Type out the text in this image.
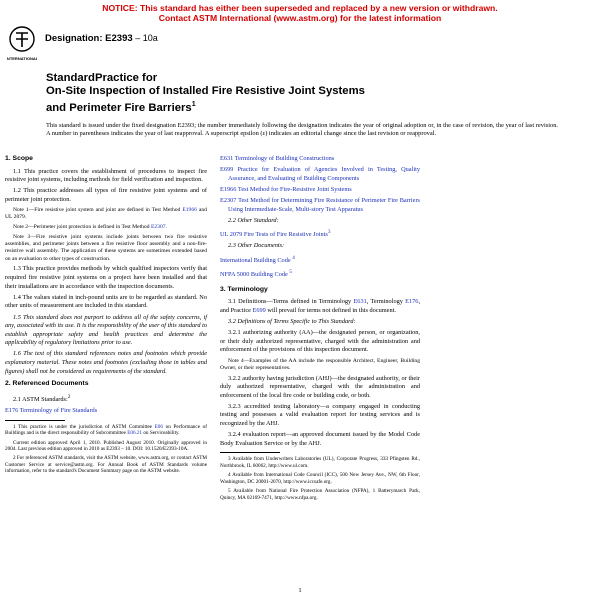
NOTICE: This standard has either been superseded and replaced by a new version or withdrawn.
Contact ASTM International (www.astm.org) for the latest information
INTERNATIONAL
Designation: E2393 – 10a
StandardPractice for
On-Site Inspection of Installed Fire Resistive Joint Systems
and Perimeter Fire Barriers$^1$
This standard is issued under the fixed designation E2393; the number immediately following the designation indicates the year of original adoption or, in the case of revision, the year of last revision. A number in parentheses indicates the year of last reapproval. A superscript epsilon (ε) indicates an editorial change since the last revision or reapproval.
1. Scope

1.1 This practice covers the establishment of procedures to inspect fire resistive joint systems, including methods for field verification and inspection.

1.2 This practice addresses all types of fire resistive joint systems and of perimeter joint protection.

Note 1—Fire resistive joint system and joint are defined in Test Method E1966 and UL 2079.

Note 2—Perimeter joint protection is defined in Test Method E2307.

Note 3—Fire resistive joint systems include joints between two fire resistive assemblies, and perimeter joints between a fire resistive floor assembly and a non-fire-resistive wall assembly. The application of these systems are sometimes extended based on an evaluation to other types of construction.

1.3 This practice provides methods by which qualified inspectors verify that required fire resistive joint systems on a project have been installed and that their installations are in accordance with the inspection documents.

1.4 The values stated in inch-pound units are to be regarded as standard. No other units of measurement are included in this standard.

1.5 This standard does not purport to address all of the safety concerns, if any, associated with its use. It is the responsibility of the user of this standard to establish appropriate safety and health practices and determine the applicability of regulatory limitations prior to use.

1.6 The text of this standard references notes and footnotes which provide explanatory material. These notes and footnotes (excluding those in tables and figures) shall not be considered as requirements of the standard.

2. Referenced Documents

2.1 ASTM Standards:$^2$

E176 Terminology of Fire Standards

1 This practice is under the jurisdiction of ASTM Committee E06 on Performance of Buildings and is the direct responsibility of Subcommittee E06.21 on Serviceability.

Current edition approved April 1, 2010. Published August 2010. Originally approved in 2004. Last previous edition approved in 2010 as E2393 – 10. DOI: 10.1520/E2393-10A.

2 For referenced ASTM standards, visit the ASTM website, www.astm.org, or contact ASTM Customer Service at service@astm.org. For Annual Book of ASTM Standards volume information, refer to the standard's Document Summary page on the ASTM website.

E631 Terminology of Building Constructions

E699 Practice for Evaluation of Agencies Involved in Testing, Quality Assurance, and Evaluating of Building Components

E1966 Test Method for Fire-Resistive Joint Systems

E2307 Test Method for Determining Fire Resistance of Perimeter Fire Barriers Using Intermediate-Scale, Multi-story Test Apparatus

2.2 Other Standard:

UL 2079 Fire Tests of Fire Resistive Joints$^3$

2.3 Other Documents:

International Building Code $^4$

NFPA 5000 Building Code $^5$

3. Terminology

3.1 Definitions—Terms defined in Terminology E631, Terminology E176, and Practice E699 will prevail for terms not defined in this document.

3.2 Definitions of Terms Specific to This Standard:

3.2.1 authorizing authority (AA)—the designated person, or organization, or their duly authorized representative, charged with the administration and enforcement of the provisions of this inspection document.

Note 4—Examples of the AA include the responsible Architect, Engineer, Building Owner, or their representatives.

3.2.2 authority having jurisdiction (AHJ)—the designated authority, or their duly authorized representative, charged with the administration and enforcement of the local fire code or building code, or both.

3.2.3 accredited testing laboratory—a company engaged in conducting testing and possesses a valid evaluation report for testing services and is recognized by the AHJ.

3.2.4 evaluation report—an approved document issued by the Model Code Body Evaluation Service or by the AHJ.

3 Available from Underwriters Laboratories (UL), Corporate Progress, 333 Pfingsten Rd., Northbrook, IL 60062, http://www.ul.com.

4 Available from International Code Council (ICC), 500 New Jersey Ave., NW, 6th Floor, Washington, DC 20001-2070, http://www.iccsafe.org.

5 Available from National Fire Protection Association (NFPA), 1 Batterymarch Park, Quincy, MA 02169-7471, http://www.nfpa.org.

1
